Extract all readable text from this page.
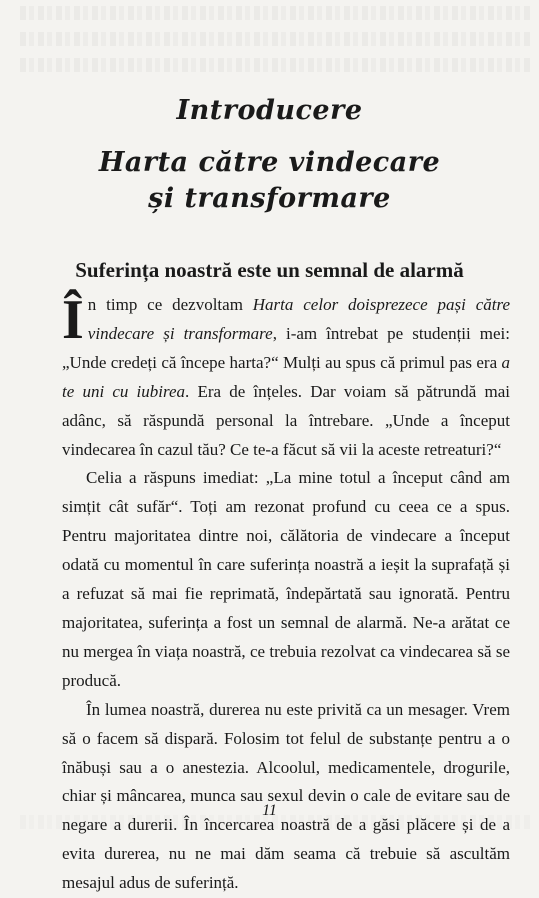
Introducere
Harta către vindecare
și transformare
Suferința noastră este un semnal de alarmă

În timp ce dezvoltam Harta celor doisprezece pași către vindecare și transformare, i-am întrebat pe studenții mei: „Unde credeți că începe harta?“ Mulți au spus că primul pas era a te uni cu iubirea. Era de înțeles. Dar voiam să pătrundă mai adânc, să răspundă personal la întrebare. „Unde a început vindecarea în cazul tău? Ce te-a făcut să vii la aceste retreaturi?“

Celia a răspuns imediat: „La mine totul a început când am simțit cât sufăr“. Toți am rezonat profund cu ceea ce a spus. Pentru majoritatea dintre noi, călătoria de vindecare a început odată cu momentul în care suferința noastră a ieșit la suprafață și a refuzat să mai fie reprimată, îndepărtată sau ignorată. Pentru majoritatea, suferința a fost un semnal de alarmă. Ne-a arătat ce nu mergea în viața noastră, ce trebuia rezolvat ca vindecarea să se producă.

În lumea noastră, durerea nu este privită ca un mesager. Vrem să o facem să dispară. Folosim tot felul de substanțe pentru a o înăbuși sau a o anestezia. Alcoolul, medicamentele, drogurile, chiar și mâncarea, munca sau sexul devin o cale de evitare sau de negare a durerii. În încercarea noastră de a găsi plăcere și de a evita durerea, nu ne mai dăm seama că trebuie să ascultăm mesajul adus de suferință.

11
